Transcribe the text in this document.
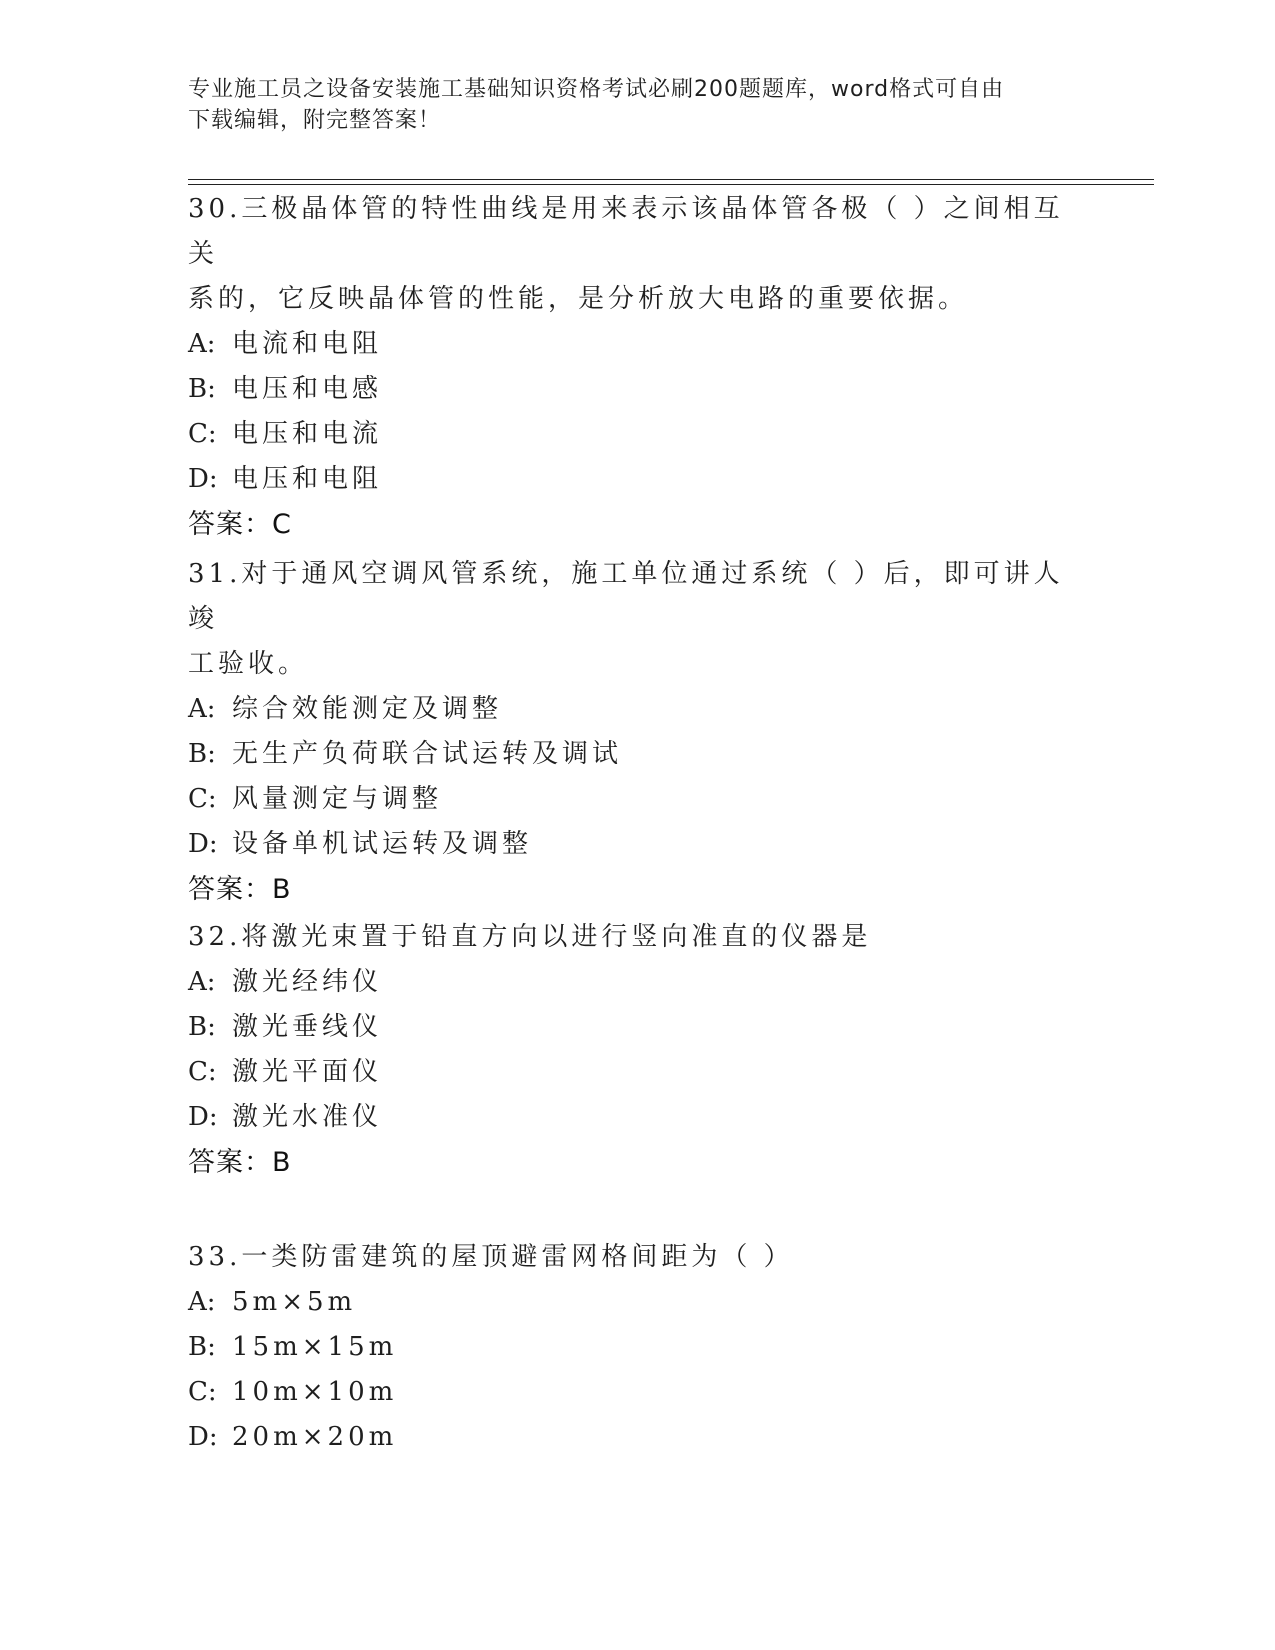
专业施工员之设备安装施工基础知识资格考试必刷200题题库，word格式可自由
下载编辑，附完整答案！

30.三极晶体管的特性曲线是用来表示该晶体管各极（ ）之间相互关

系的，它反映晶体管的性能，是分析放大电路的重要依据。

A: 电流和电阻

B: 电压和电感

C: 电压和电流

D: 电压和电阻

答案：C

31.对于通风空调风管系统，施工单位通过系统（ ）后，即可讲人竣

工验收。

A: 综合效能测定及调整

B: 无生产负荷联合试运转及调试

C: 风量测定与调整

D: 设备单机试运转及调整

答案：B

32.将激光束置于铅直方向以进行竖向准直的仪器是

A: 激光经纬仪

B: 激光垂线仪

C: 激光平面仪

D: 激光水准仪

答案：B

33.一类防雷建筑的屋顶避雷网格间距为（ ）

A: 5m×5m

B: 15m×15m

C: 10m×10m

D: 20m×20m
